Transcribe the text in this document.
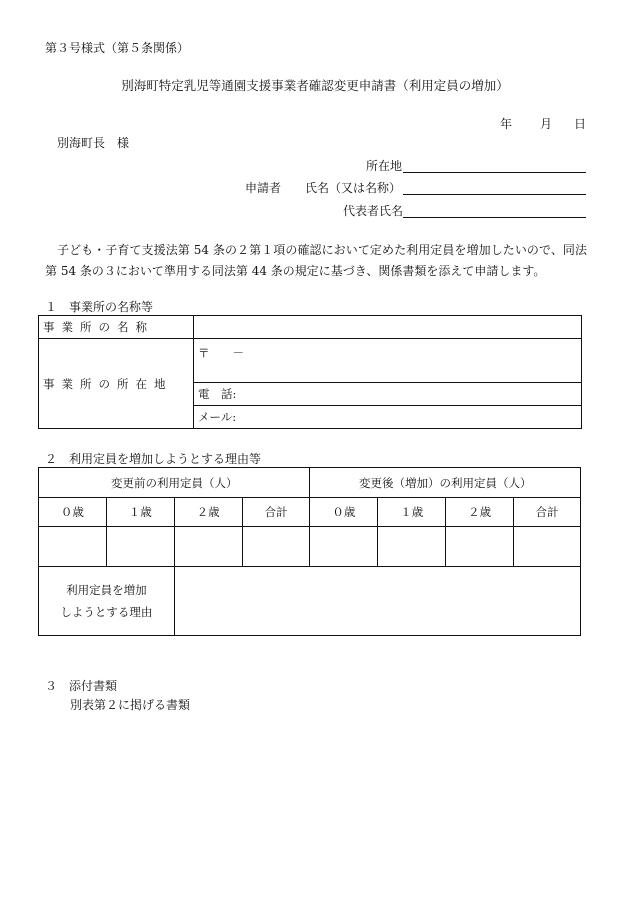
第３号様式（第５条関係）
別海町特定乳児等通園支援事業者確認変更申請書（利用定員の増加）
年 月 日
別海町長　様
所在地
申請者 氏名（又は名称）
代表者氏名
子ども・子育て支援法第 54 条の２第１項の確認において定めた利用定員を増加したいので、同法第 54 条の３において準用する同法第 44 条の規定に基づき、関係書類を添えて申請します。
１　事業所の名称等
事業所の名称	
事業所の所在地	〒　　－
	電　話:
	メール:
２　利用定員を増加しようとする理由等
変更前の利用定員（人）				変更後（増加）の利用定員（人）			
０歳	１歳	２歳	合計	０歳	１歳	２歳	合計

利用定員を増加
しようとする理由							

３　添付書類
別表第２に掲げる書類
